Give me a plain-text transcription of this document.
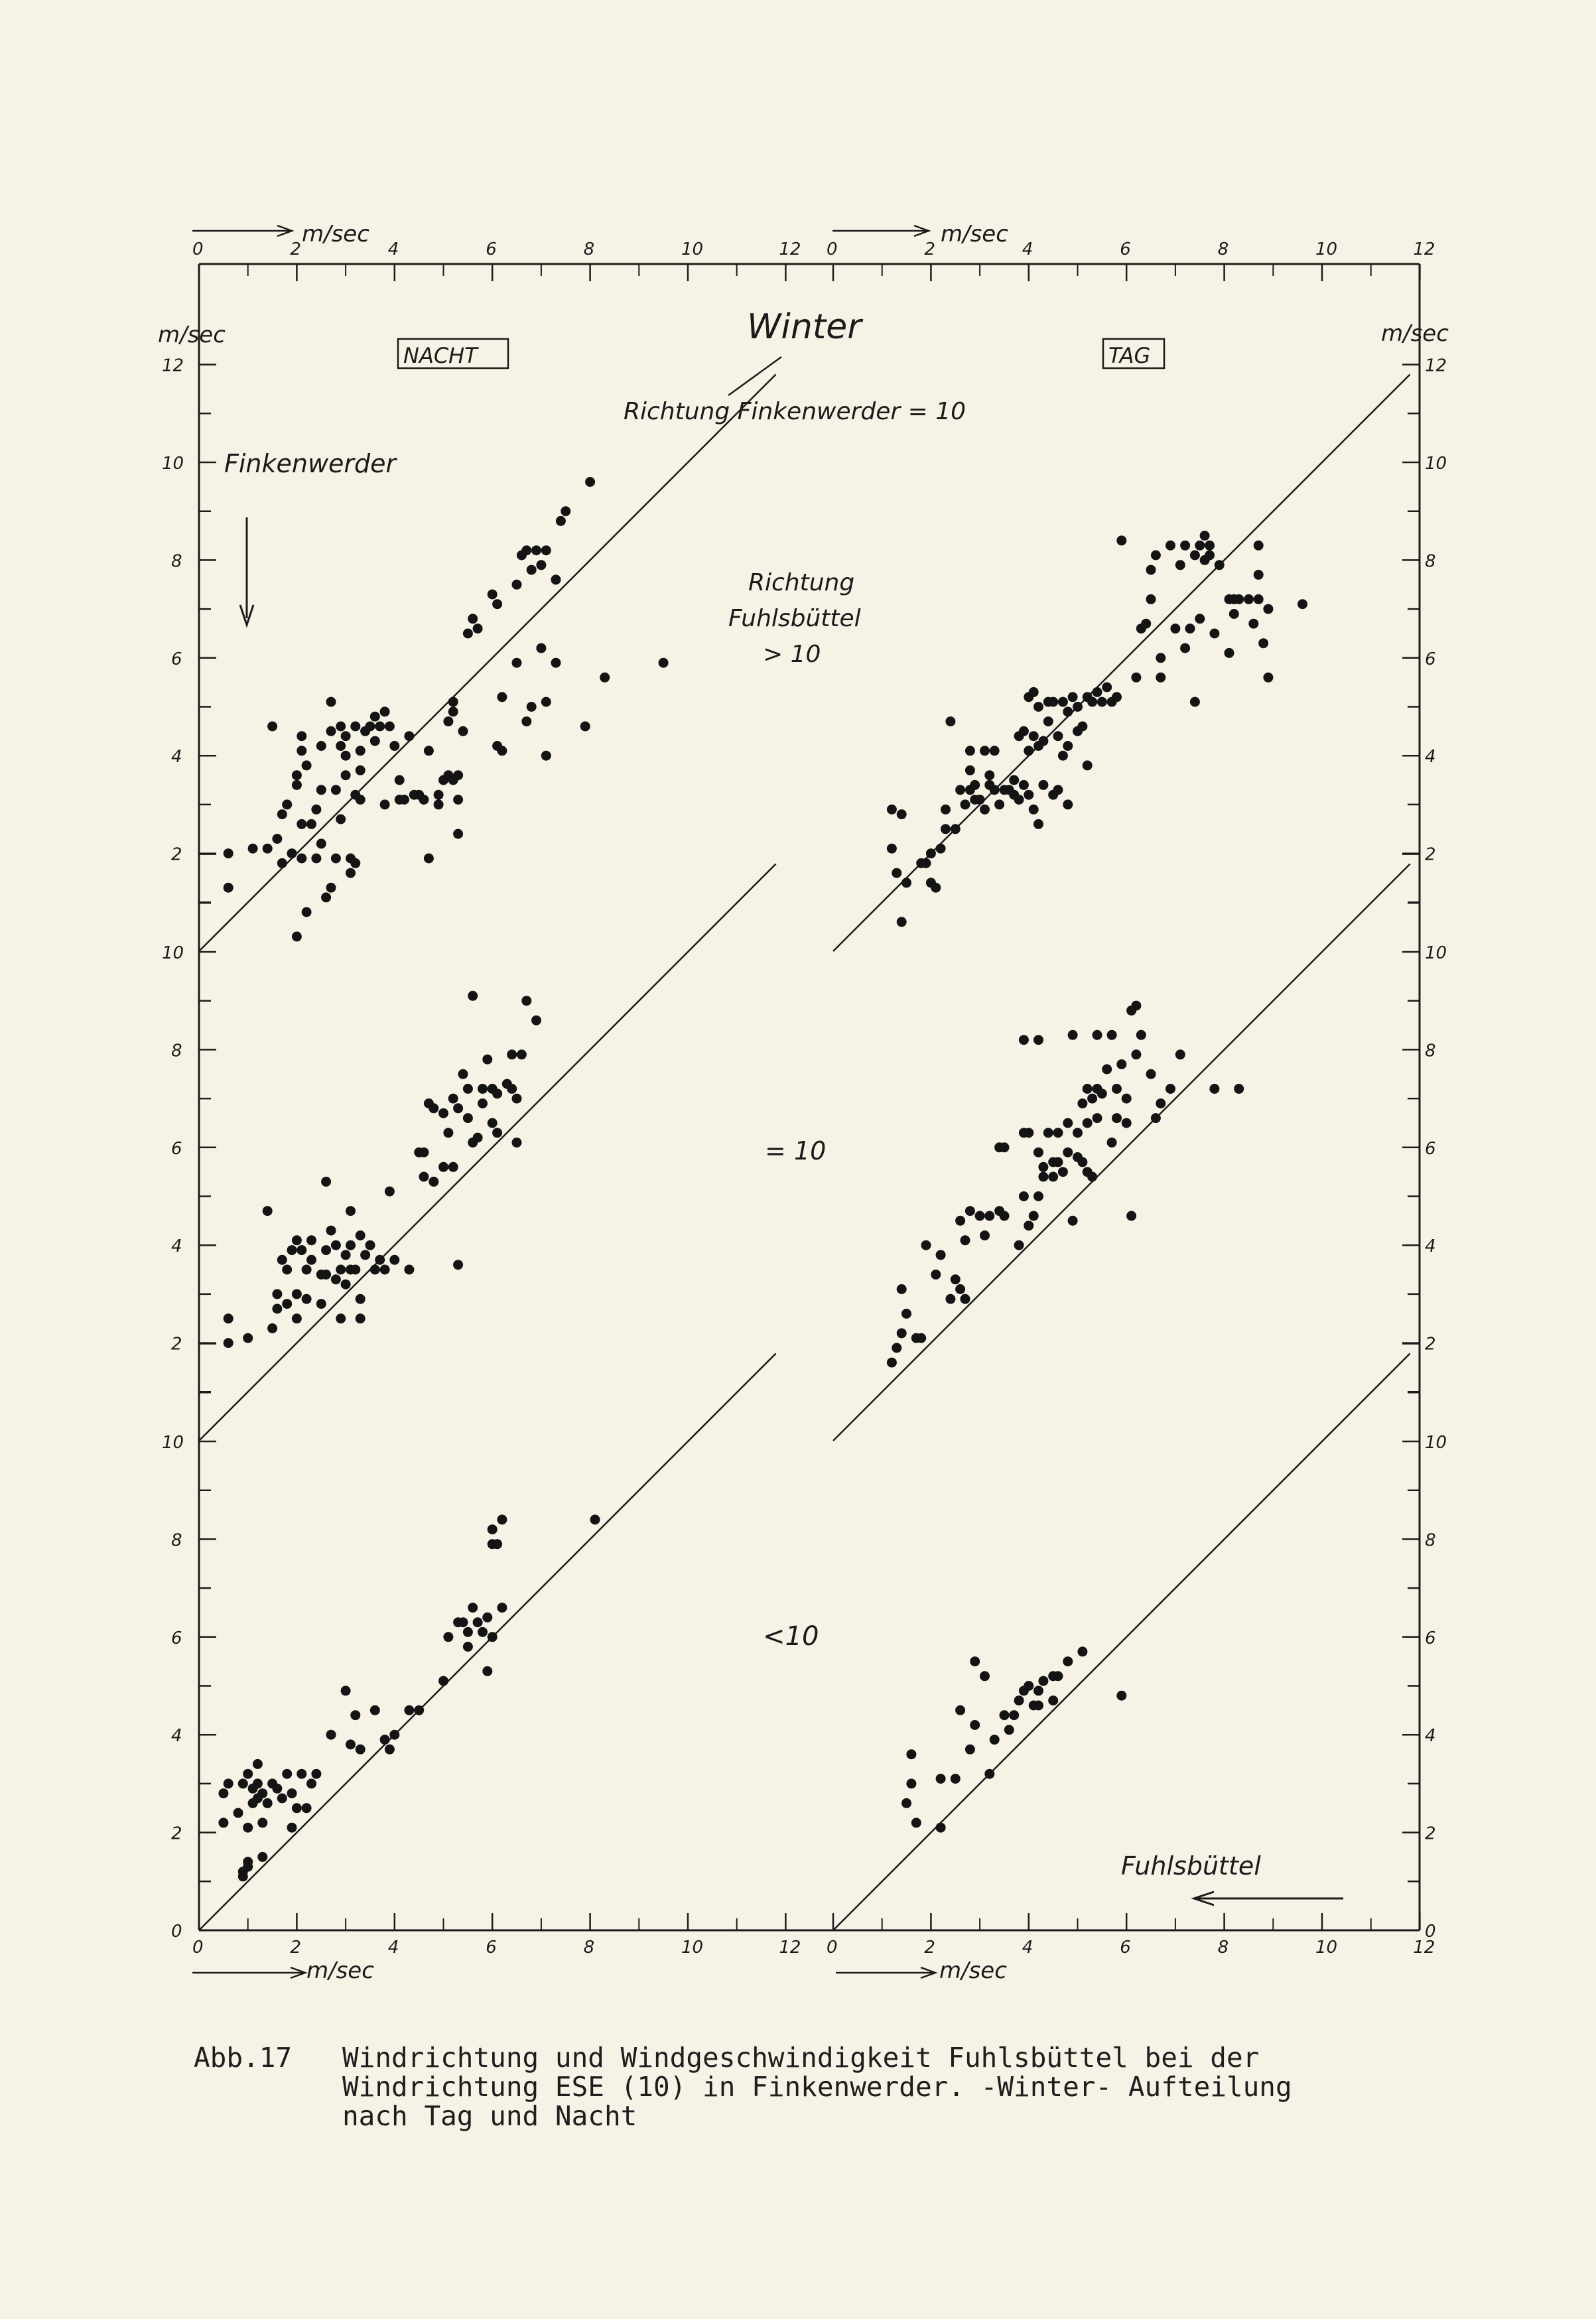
0
0
0
0
2
2
2
2
4
4
4
4
6
6
6
6
8
8
8
8
10
10
10
10
12
12
12
12
2	2
4	4
6	6
8	8
10	10
12	12
2	2
4	4
6	6
8	8
10	10
0	0
2	2
4	4
6	6
8	8
10	10
Winter
NACHT	TAG
Richtung Finkenwerder = 10
Finkenwerder
Richtung
Fuhlsbüttel
> 10
= 10
<10
Fuhlsbüttel
m/sec	m/sec
m/sec	m/sec
m/sec	m/sec
Abb.17 Windrichtung und Windgeschwindigkeit Fuhlsbüttel bei der
Windrichtung ESE (10) in Finkenwerder. -Winter- Aufteilung
nach Tag und Nacht
